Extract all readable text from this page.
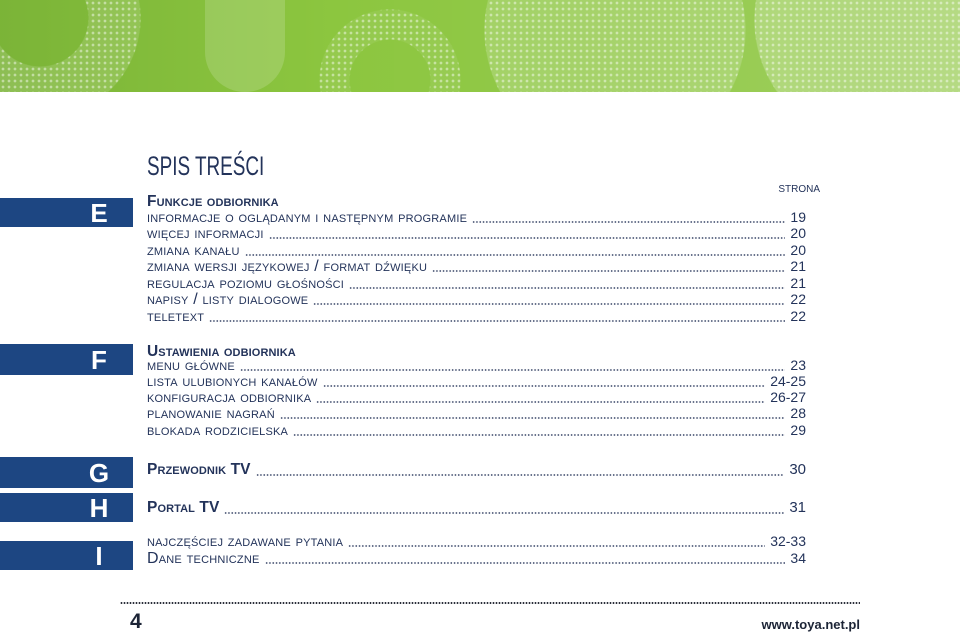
SPIS TREŚCI
strona
E
F
G
H
I
Funkcje odbiornika
informacje o oglądanym i następnym programie	19
więcej informacji	20
zmiana kanału	20
zmiana wersji językowej / format dźwięku	21
regulacja poziomu głośności	21
napisy / listy dialogowe	22
teletext	22
Ustawienia odbiornika
menu główne	23
lista ulubionych kanałów	24-25
konfiguracja odbiornika	26-27
planowanie nagrań	28
blokada rodzicielska	29
Przewodnik TV	30
Portal TV	31
najczęściej zadawane pytania	32-33
Dane techniczne	34
4	www.toya.net.pl
